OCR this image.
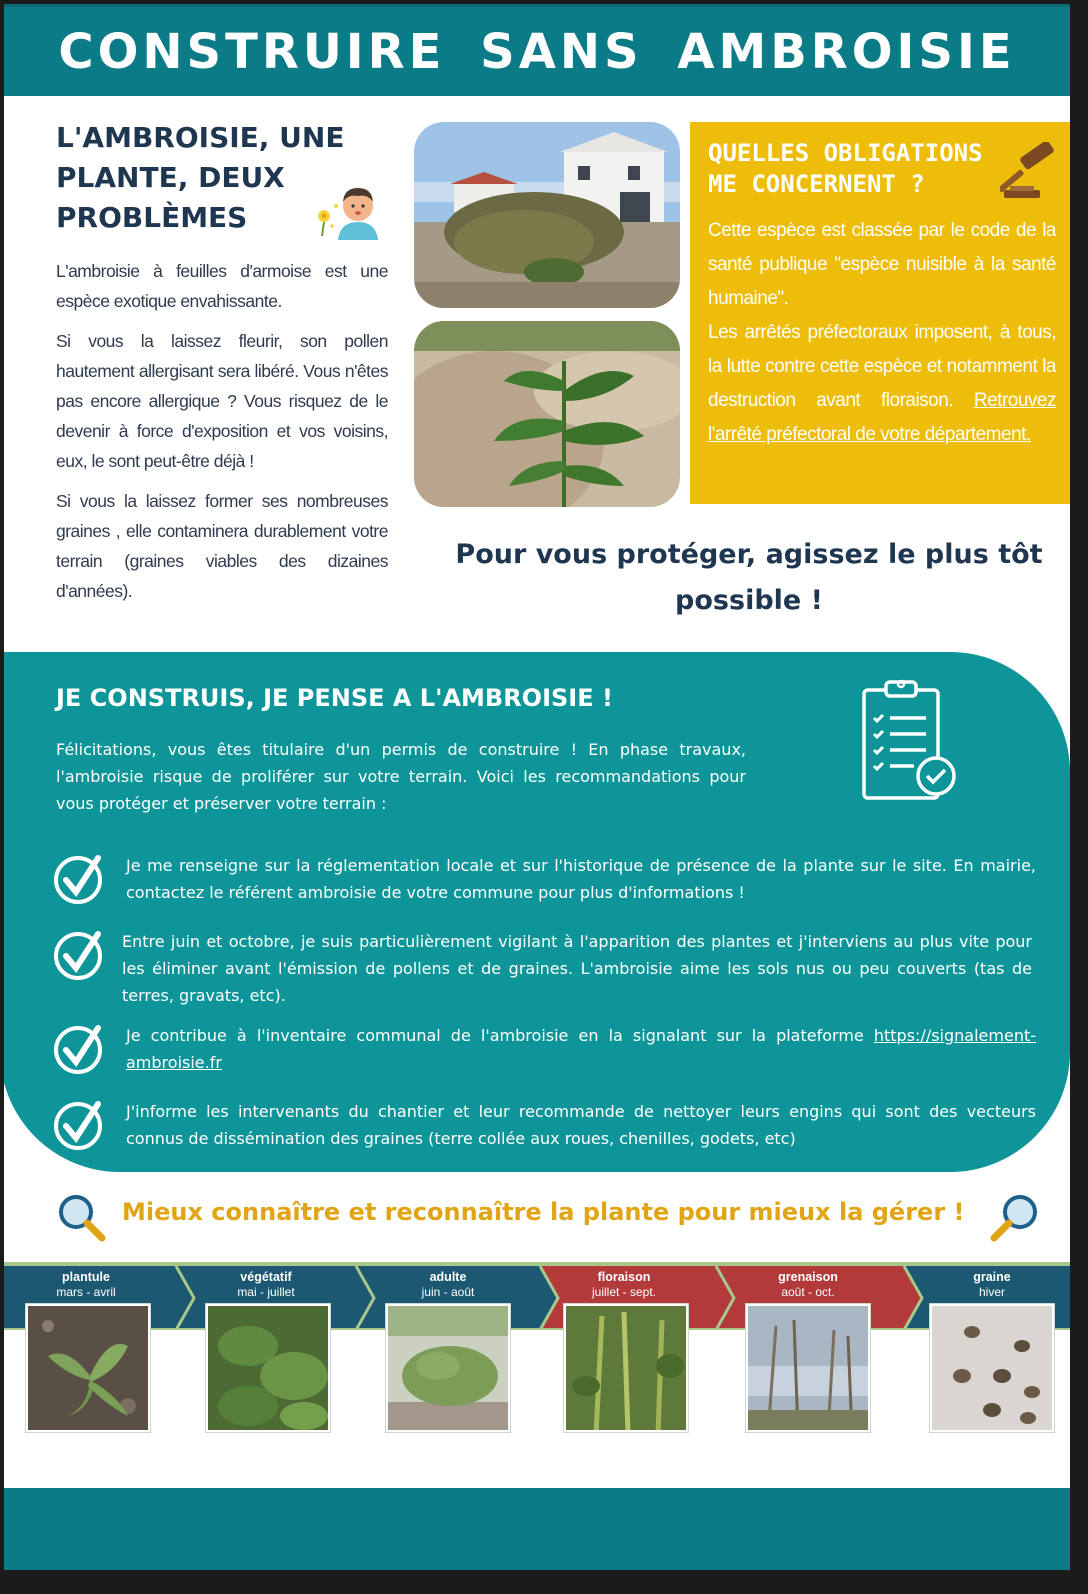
CONSTRUIRE SANS AMBROISIE
L'AMBROISIE, UNE PLANTE, DEUX PROBLÈMES

L'ambroisie à feuilles d'armoise est une espèce exotique envahissante.

Si vous la laissez fleurir, son pollen hautement allergisant sera libéré. Vous n'êtes pas encore allergique ? Vous risquez de le devenir à force d'exposition et vos voisins, eux, le sont peut-être déjà !

Si vous la laissez former ses nombreuses graines , elle contaminera durablement votre terrain (graines viables des dizaines d'années).

QUELLES OBLIGATIONS ME CONCERNENT ?
Cette espèce est classée par le code de la santé publique "espèce nuisible à la santé humaine".
Les arrêtés préfectoraux imposent, à tous, la lutte contre cette espèce et notamment la destruction avant floraison. Retrouvez l'arrêté préfectoral de votre département.
Pour vous protéger, agissez le plus tôt possible !
JE CONSTRUIS, JE PENSE A L'AMBROISIE !
Félicitations, vous êtes titulaire d'un permis de construire ! En phase travaux, l'ambroisie risque de proliférer sur votre terrain. Voici les recommandations pour vous protéger et préserver votre terrain :
Je me renseigne sur la réglementation locale et sur l'historique de présence de la plante sur le site. En mairie, contactez le référent ambroisie de votre commune pour plus d'informations !
Entre juin et octobre, je suis particulièrement vigilant à l'apparition des plantes et j'interviens au plus vite pour les éliminer avant l'émission de pollens et de graines. L'ambroisie aime les sols nus ou peu couverts (tas de terres, gravats, etc).
Je contribue à l'inventaire communal de l'ambroisie en la signalant sur la plateforme https://signalement-ambroisie.fr
J'informe les intervenants du chantier et leur recommande de nettoyer leurs engins qui sont des vecteurs connus de dissémination des graines (terre collée aux roues, chenilles, godets, etc)
Mieux connaître et reconnaître la plante pour mieux la gérer !
plantule
mars - avril
végétatif
mai - juillet
adulte
juin - août
floraison
juillet - sept.
grenaison
août - oct.
graine
hiver
